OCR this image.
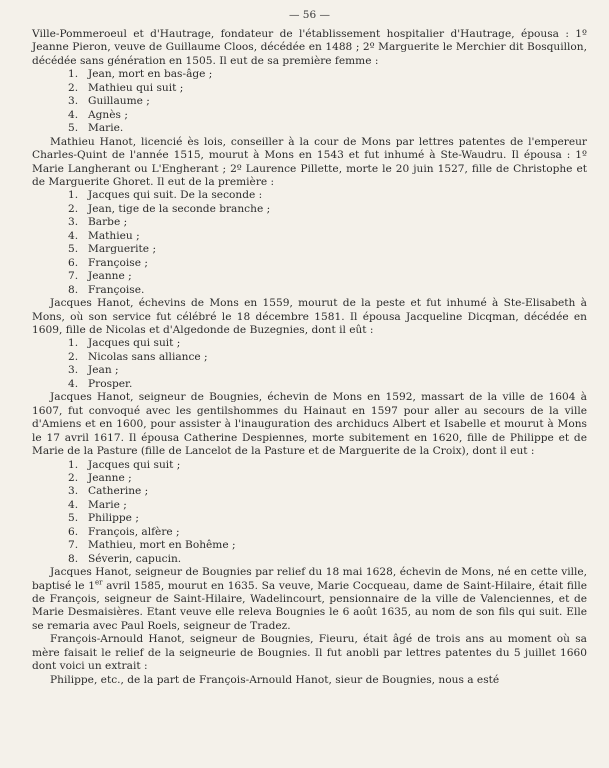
— 56 —

Ville-Pommeroeul et d'Hautrage, fondateur de l'établissement hospitalier d'Hautrage, épousa : 1º Jeanne Pieron, veuve de Guillaume Cloos, décédée en 1488 ; 2º Marguerite le Merchier dit Bosquillon, décédée sans génération en 1505. Il eut de sa première femme :

1. Jean, mort en bas-âge ;
2. Mathieu qui suit ;
3. Guillaume ;
4. Agnès ;
5. Marie.

Mathieu Hanot, licencié ès lois, conseiller à la cour de Mons par lettres patentes de l'empereur Charles-Quint de l'année 1515, mourut à Mons en 1543 et fut inhumé à Ste-Waudru. Il épousa : 1º Marie Langherant ou L'Engherant ; 2º Laurence Pillette, morte le 20 juin 1527, fille de Christophe et de Marguerite Ghoret. Il eut de la première :

1. Jacques qui suit. De la seconde :
2. Jean, tige de la seconde branche ;
3. Barbe ;
4. Mathieu ;
5. Marguerite ;
6. Françoise ;
7. Jeanne ;
8. Françoise.

Jacques Hanot, échevins de Mons en 1559, mourut de la peste et fut inhumé à Ste-Elisabeth à Mons, où son service fut célébré le 18 décembre 1581. Il épousa Jacqueline Dicqman, décédée en 1609, fille de Nicolas et d'Algedonde de Buzegnies, dont il eût :

1. Jacques qui suit ;
2. Nicolas sans alliance ;
3. Jean ;
4. Prosper.

Jacques Hanot, seigneur de Bougnies, échevin de Mons en 1592, massart de la ville de 1604 à 1607, fut convoqué avec les gentilshommes du Hainaut en 1597 pour aller au secours de la ville d'Amiens et en 1600, pour assister à l'inauguration des archiducs Albert et Isabelle et mourut à Mons le 17 avril 1617. Il épousa Catherine Despiennes, morte subitement en 1620, fille de Philippe et de Marie de la Pasture (fille de Lancelot de la Pasture et de Marguerite de la Croix), dont il eut :

1. Jacques qui suit ;
2. Jeanne ;
3. Catherine ;
4. Marie ;
5. Philippe ;
6. François, alfère ;
7. Mathieu, mort en Bohême ;
8. Séverin, capucin.

Jacques Hanot, seigneur de Bougnies par relief du 18 mai 1628, échevin de Mons, né en cette ville, baptisé le 1er avril 1585, mourut en 1635. Sa veuve, Marie Cocqueau, dame de Saint-Hilaire, était fille de François, seigneur de Saint-Hilaire, Wadelincourt, pensionnaire de la ville de Valenciennes, et de Marie Desmaisières. Etant veuve elle releva Bougnies le 6 août 1635, au nom de son fils qui suit. Elle se remaria avec Paul Roels, seigneur de Tradez.

François-Arnould Hanot, seigneur de Bougnies, Fieuru, était âgé de trois ans au moment où sa mère faisait le relief de la seigneurie de Bougnies. Il fut anobli par lettres patentes du 5 juillet 1660 dont voici un extrait :

Philippe, etc., de la part de François-Arnould Hanot, sieur de Bougnies, nous a esté
